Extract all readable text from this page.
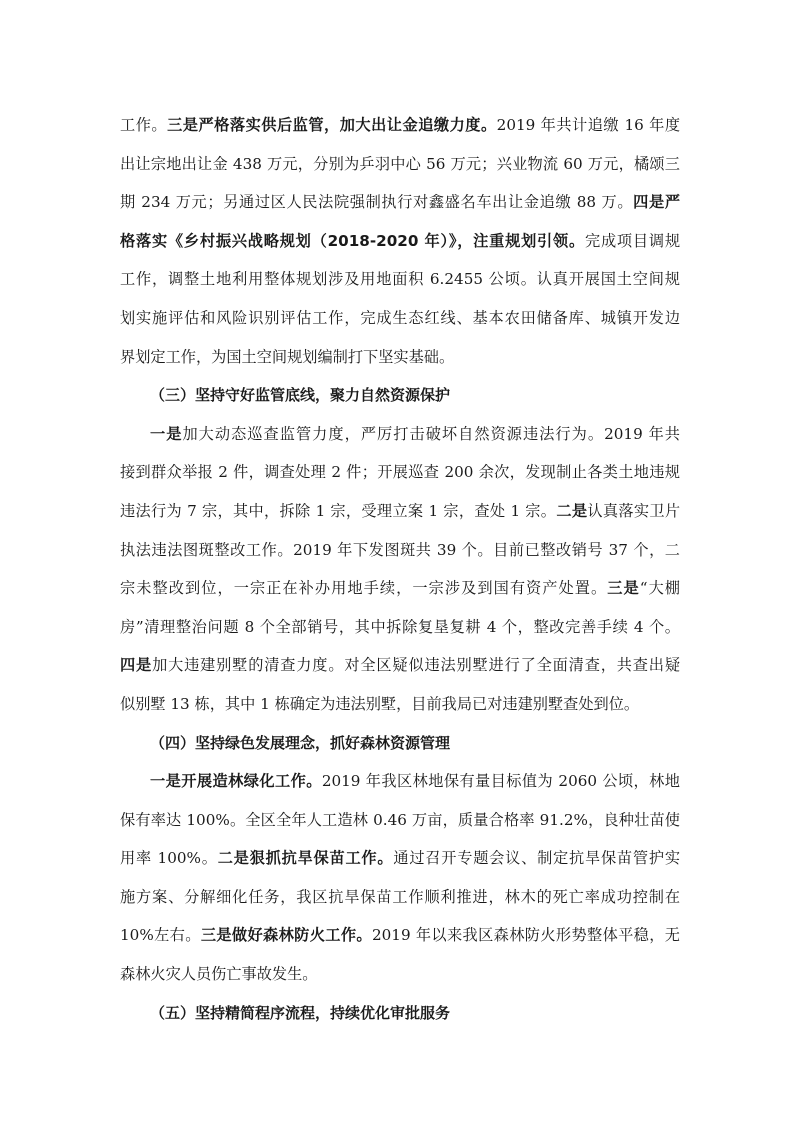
工作。三是严格落实供后监管，加大出让金追缴力度。2019 年共计追缴 16 年度
出让宗地出让金 438 万元，分别为乒羽中心 56 万元；兴业物流 60 万元，橘颂三
期 234 万元；另通过区人民法院强制执行对鑫盛名车出让金追缴 88 万。四是严
格落实《乡村振兴战略规划（2018-2020 年）》，注重规划引领。完成项目调规
工作，调整土地利用整体规划涉及用地面积 6.2455 公顷。认真开展国土空间规
划实施评估和风险识别评估工作，完成生态红线、基本农田储备库、城镇开发边
界划定工作，为国土空间规划编制打下坚实基础。
（三）坚持守好监管底线，聚力自然资源保护
一是加大动态巡查监管力度，严厉打击破坏自然资源违法行为。2019 年共
接到群众举报 2 件，调查处理 2 件；开展巡查 200 余次，发现制止各类土地违规
违法行为 7 宗，其中，拆除 1 宗，受理立案 1 宗，查处 1 宗。二是认真落实卫片
执法违法图斑整改工作。2019 年下发图斑共 39 个。目前已整改销号 37 个，二
宗未整改到位，一宗正在补办用地手续，一宗涉及到国有资产处置。三是“大棚
房”清理整治问题 8 个全部销号，其中拆除复垦复耕 4 个，整改完善手续 4 个。
四是加大违建别墅的清查力度。对全区疑似违法别墅进行了全面清查，共查出疑
似别墅 13 栋，其中 1 栋确定为违法别墅，目前我局已对违建别墅查处到位。
（四）坚持绿色发展理念，抓好森林资源管理
一是开展造林绿化工作。2019 年我区林地保有量目标值为 2060 公顷，林地
保有率达 100%。全区全年人工造林 0.46 万亩，质量合格率 91.2%，良种壮苗使
用率 100%。二是狠抓抗旱保苗工作。通过召开专题会议、制定抗旱保苗管护实
施方案、分解细化任务，我区抗旱保苗工作顺利推进，林木的死亡率成功控制在
10%左右。三是做好森林防火工作。2019 年以来我区森林防火形势整体平稳，无
森林火灾人员伤亡事故发生。
（五）坚持精简程序流程，持续优化审批服务
